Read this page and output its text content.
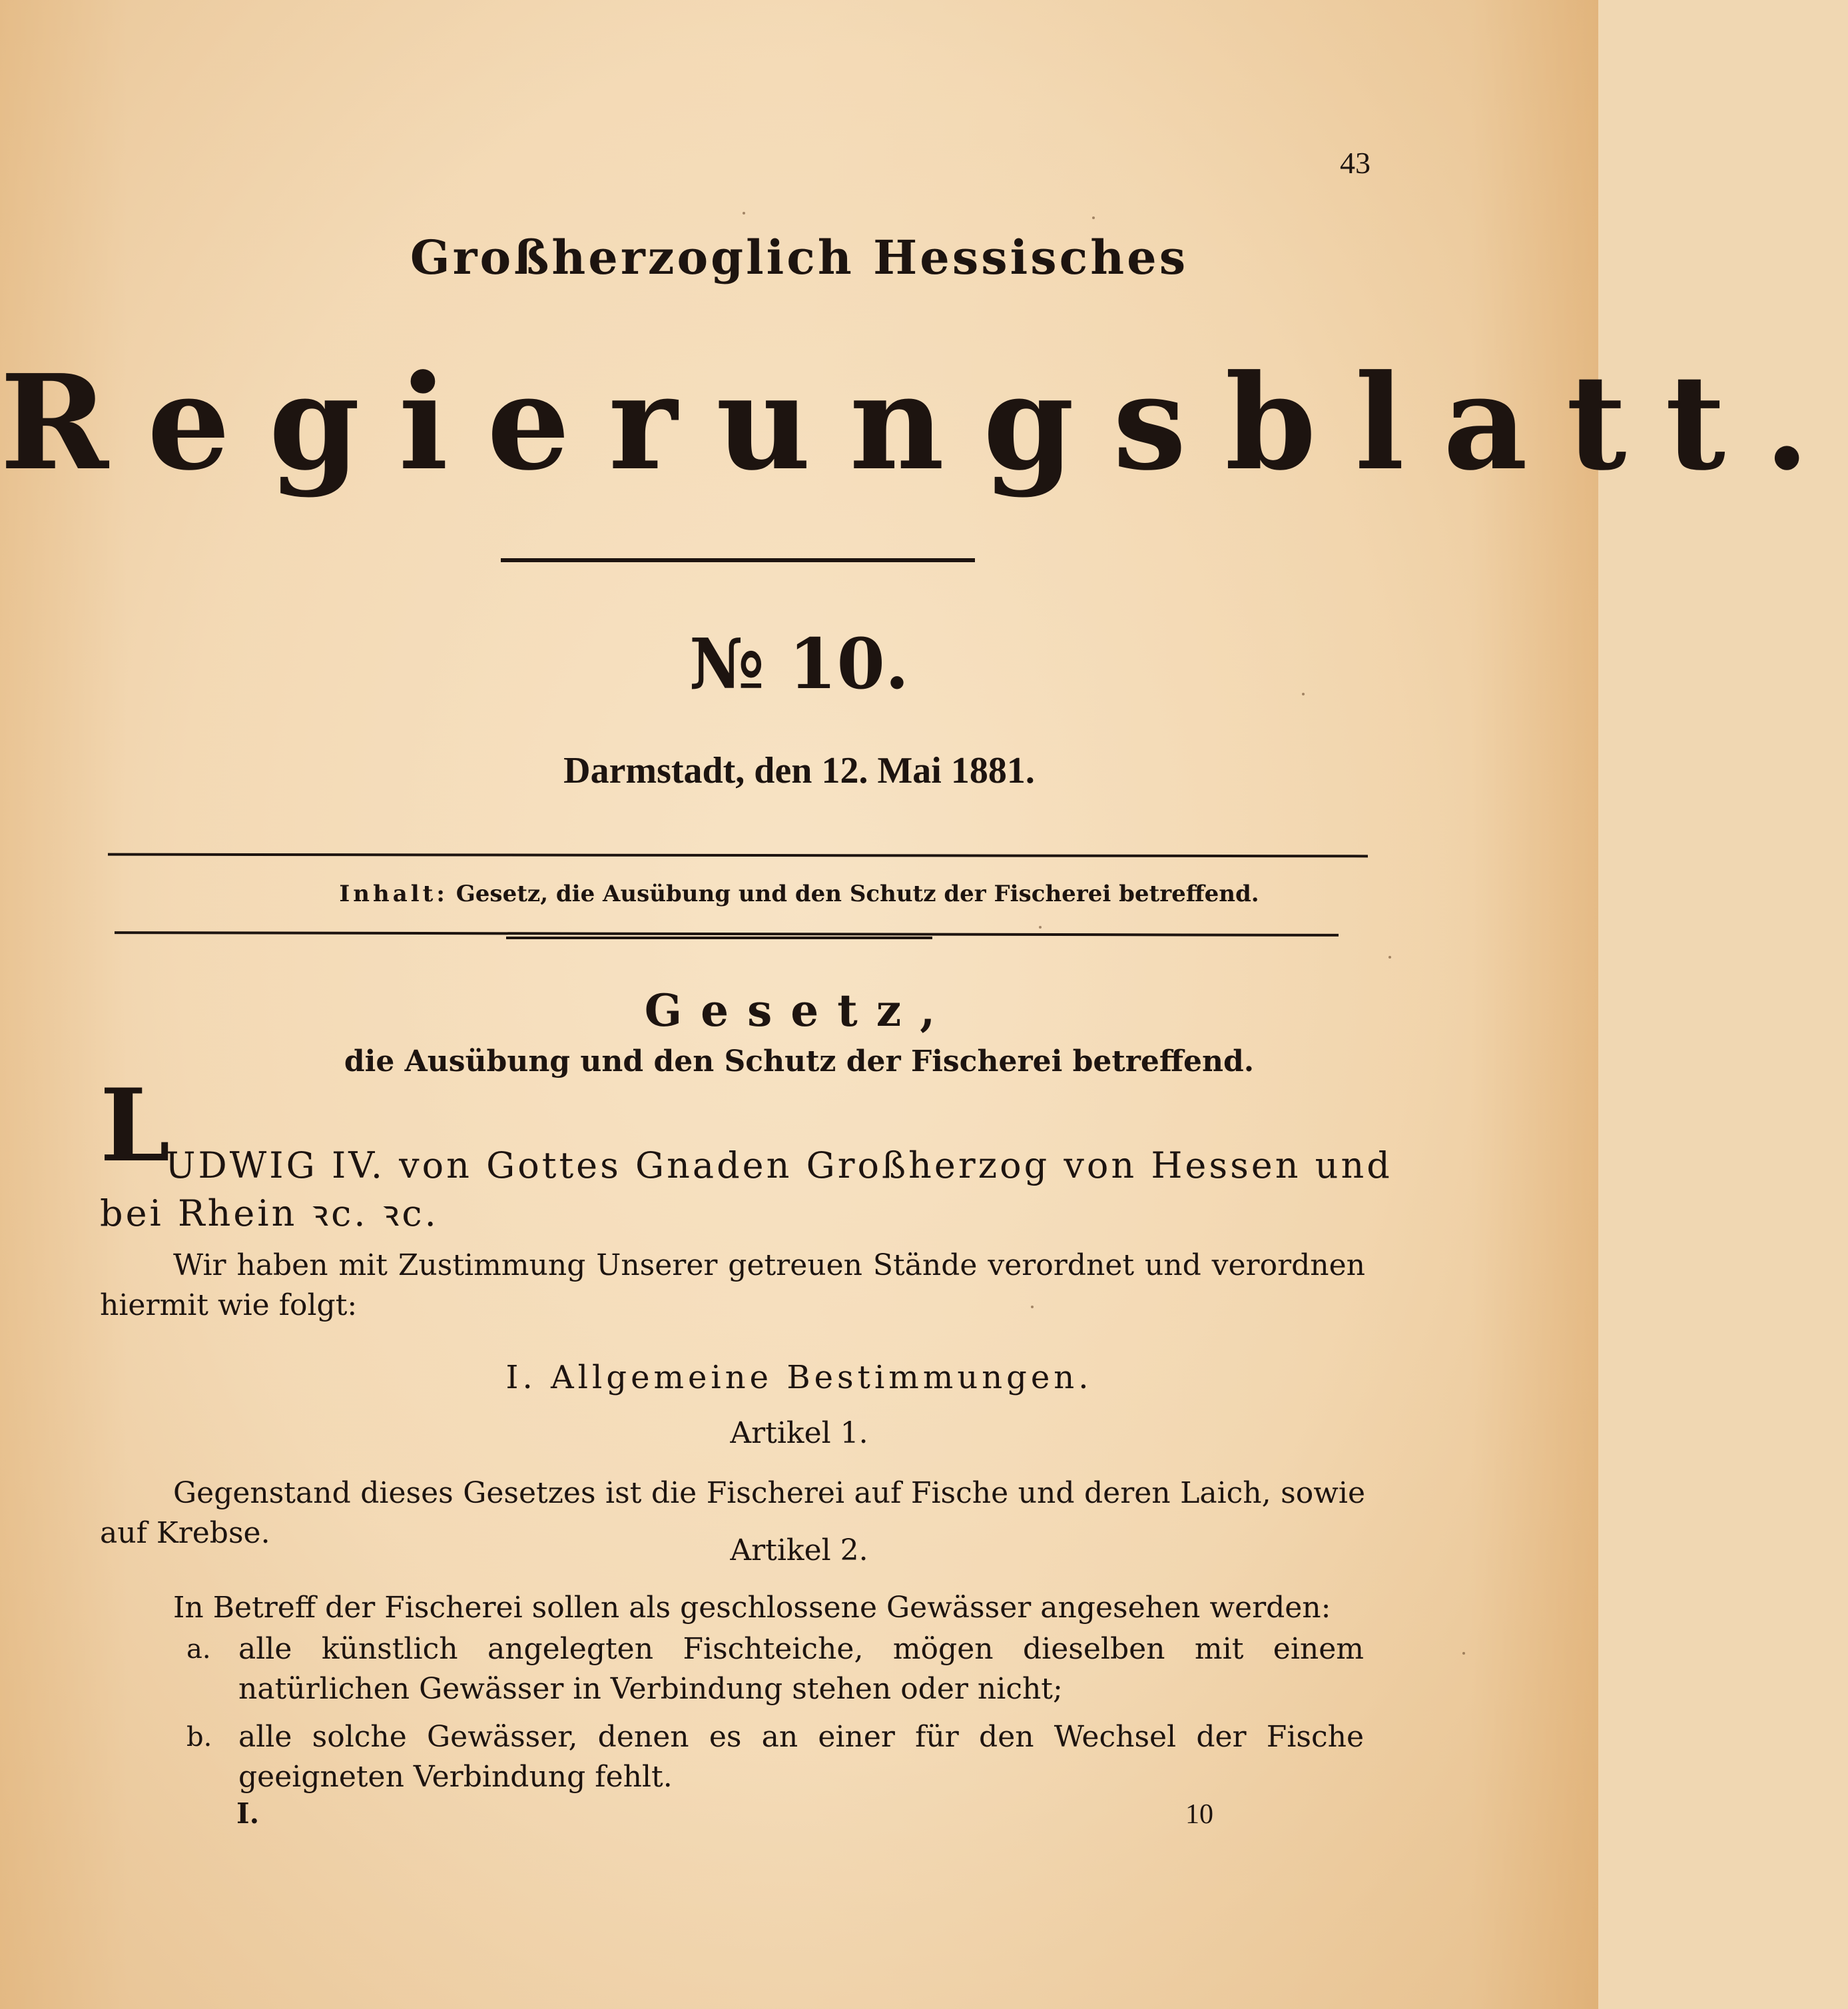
43
Großherzoglich Hessisches
Regierungsblatt.
№ 10.
Darmstadt, den 12. Mai 1881.
Inhalt: Gesetz, die Ausübung und den Schutz der Fischerei betreffend.
Gesetz,
die Ausübung und den Schutz der Fischerei betreffend.
L
UDWIG IV. von Gottes Gnaden Großherzog von Hessen und
bei Rhein ꝛc. ꝛc.
Wir haben mit Zustimmung Unserer getreuen Stände verordnet und verordnen hiermit wie folgt:
I. Allgemeine Bestimmungen.
Artikel 1.
Gegenstand dieses Gesetzes ist die Fischerei auf Fische und deren Laich, sowie auf Krebse.
Artikel 2.
In Betreff der Fischerei sollen als geschlossene Gewässer angesehen werden:
a. alle künstlich angelegten Fischteiche, mögen dieselben mit einem natürlichen Gewässer in Verbindung stehen oder nicht;
b. alle solche Gewässer, denen es an einer für den Wechsel der Fische geeigneten Verbindung fehlt.
I.	10
